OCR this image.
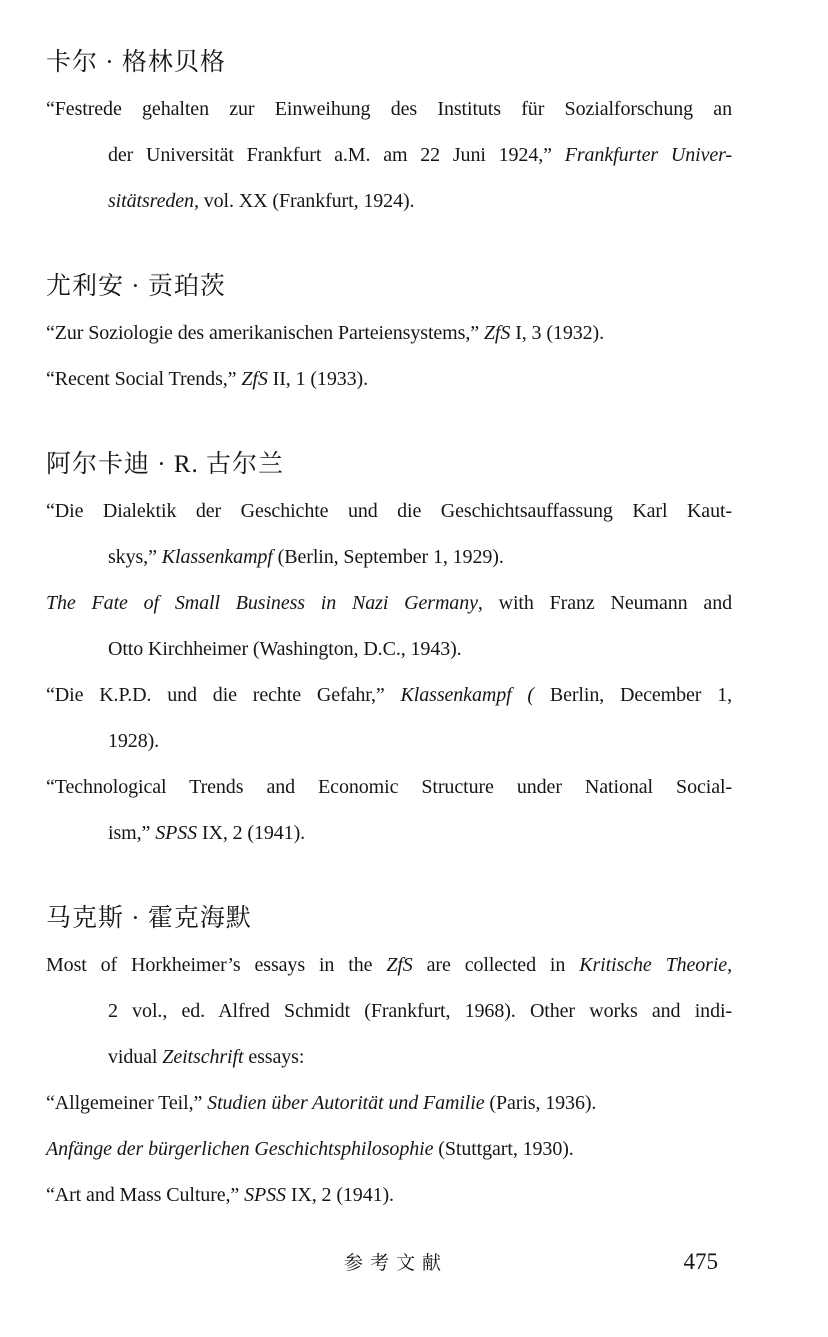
卡尔 · 格林贝格
“Festrede gehalten zur Einweihung des Instituts für Sozialforschung an
der Universität Frankfurt a.M. am 22 Juni 1924,” Frankfurter Univer-
sitätsreden, vol. XX (Frankfurt, 1924).
尤利安 · 贡珀茨
“Zur Soziologie des amerikanischen Parteiensystems,” ZfS I, 3 (1932).
“Recent Social Trends,” ZfS II, 1 (1933).
阿尔卡迪 · R. 古尔兰
“Die Dialektik der Geschichte und die Geschichtsauffassung Karl Kaut-
skys,” Klassenkampf (Berlin, September 1, 1929).
The Fate of Small Business in Nazi Germany, with Franz Neumann and
Otto Kirchheimer (Washington, D.C., 1943).
“Die K.P.D. und die rechte Gefahr,” Klassenkampf ( Berlin, December 1,
1928).
“Technological Trends and Economic Structure under National Social-
ism,” SPSS IX, 2 (1941).
马克斯 · 霍克海默
Most of Horkheimer’s essays in the ZfS are collected in Kritische Theorie,
2 vol., ed. Alfred Schmidt (Frankfurt, 1968). Other works and indi-
vidual Zeitschrift essays:
“Allgemeiner Teil,” Studien über Autorität und Familie (Paris, 1936).
Anfänge der bürgerlichen Geschichtsphilosophie (Stuttgart, 1930).
“Art and Mass Culture,” SPSS IX, 2 (1941).
参考文献	475
